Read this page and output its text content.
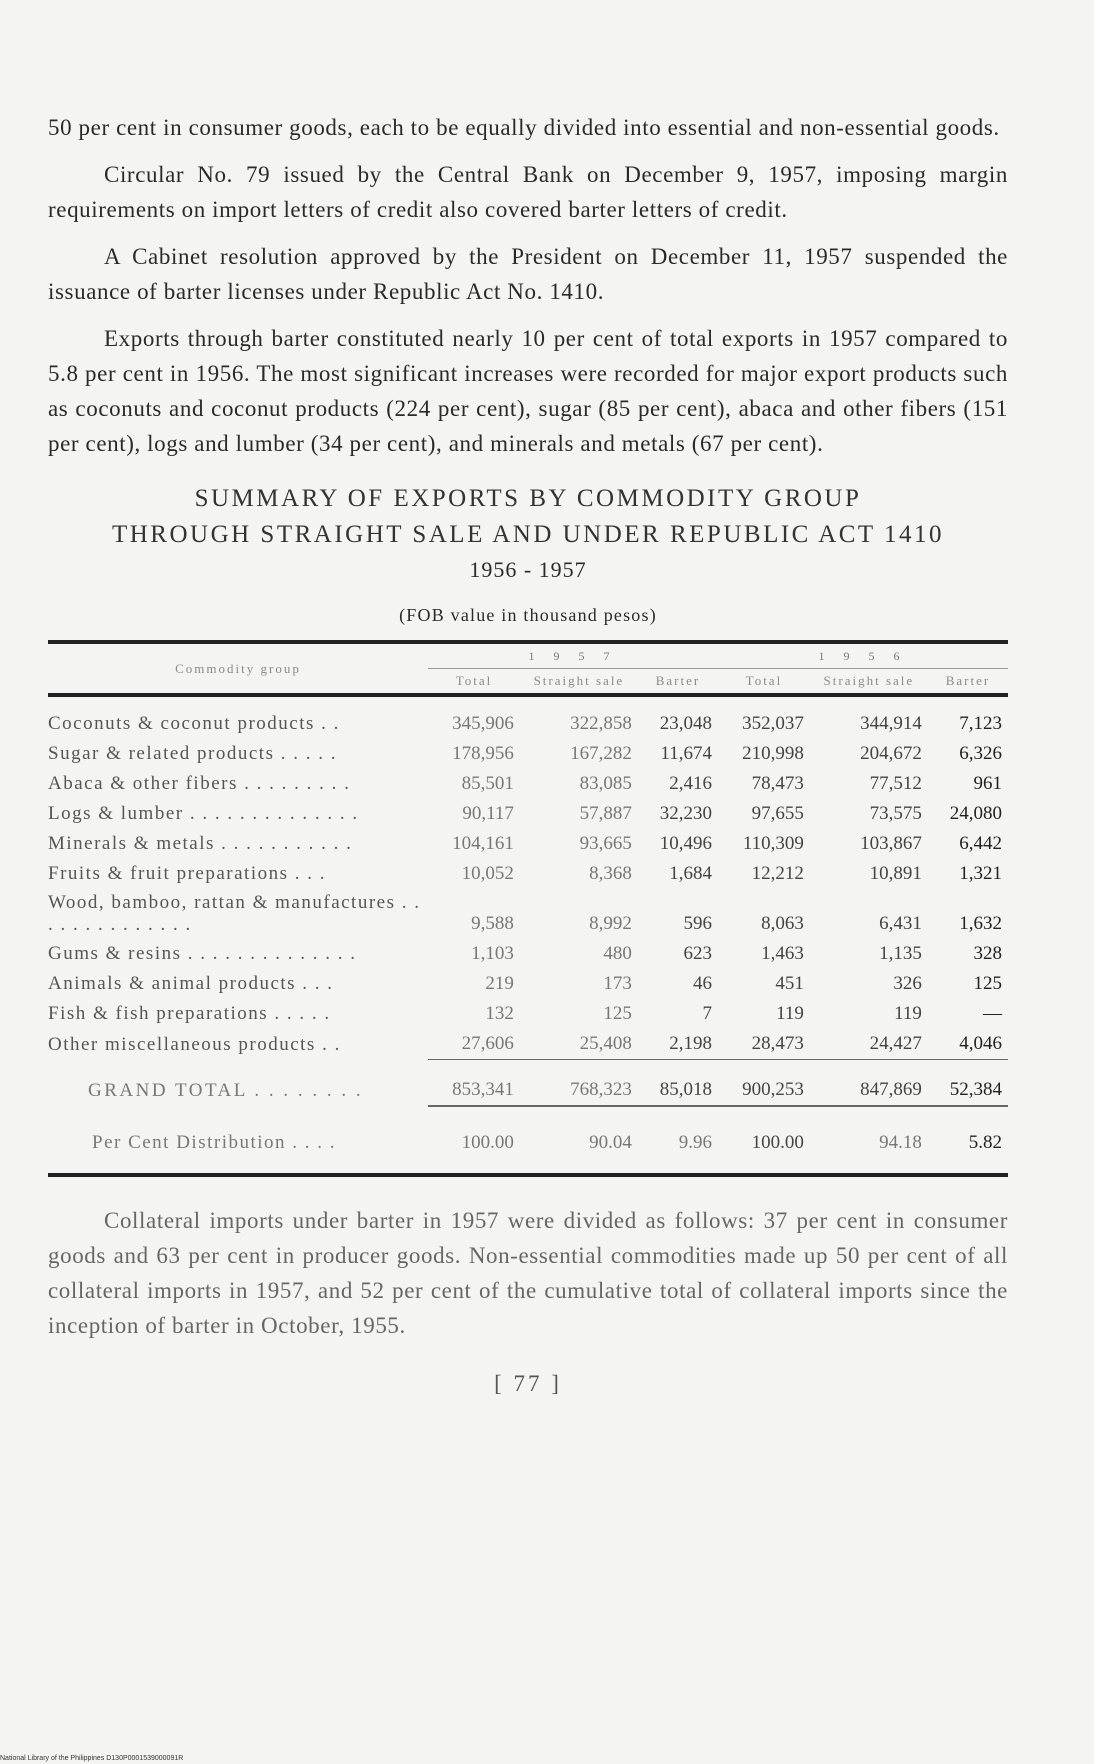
50 per cent in consumer goods, each to be equally divided into essential and non-essential goods.

Circular No. 79 issued by the Central Bank on December 9, 1957, imposing margin requirements on import letters of credit also covered barter letters of credit.

A Cabinet resolution approved by the President on December 11, 1957 suspended the issuance of barter licenses under Republic Act No. 1410.

Exports through barter constituted nearly 10 per cent of total exports in 1957 compared to 5.8 per cent in 1956. The most significant increases were recorded for major export products such as coconuts and coconut products (224 per cent), sugar (85 per cent), abaca and other fibers (151 per cent), logs and lumber (34 per cent), and minerals and metals (67 per cent).

SUMMARY OF EXPORTS BY COMMODITY GROUP
THROUGH STRAIGHT SALE AND UNDER REPUBLIC ACT 1410
1956 - 1957
(FOB value in thousand pesos)
Commodity group	1 9 5 7			1 9 5 6		
	Total	Straight sale	Barter	Total	Straight sale	Barter

Coconuts & coconut products . .	345,906	322,858	23,048	352,037	344,914	7,123
Sugar & related products . . . . .	178,956	167,282	11,674	210,998	204,672	6,326
Abaca & other fibers . . . . . . . . .	85,501	83,085	2,416	78,473	77,512	961
Logs & lumber . . . . . . . . . . . . . .	90,117	57,887	32,230	97,655	73,575	24,080
Minerals & metals . . . . . . . . . . .	104,161	93,665	10,496	110,309	103,867	6,442
Fruits & fruit preparations . . .	10,052	8,368	1,684	12,212	10,891	1,321
Wood, bamboo, rattan & manufactures . . . . . . . . . . . . . .	9,588	8,992	596	8,063	6,431	1,632
Gums & resins . . . . . . . . . . . . . .	1,103	480	623	1,463	1,135	328
Animals & animal products . . .	219	173	46	451	326	125
Fish & fish preparations . . . . .	132	125	7	119	119	—
Other miscellaneous products . .	27,606	25,408	2,198	28,473	24,427	4,046
GRAND TOTAL . . . . . . . .	853,341	768,323	85,018	900,253	847,869	52,384
Per Cent Distribution . . . .	100.00	90.04	9.96	100.00	94.18	5.82

Collateral imports under barter in 1957 were divided as follows: 37 per cent in consumer goods and 63 per cent in producer goods. Non-essential commodities made up 50 per cent of all collateral imports in 1957, and 52 per cent of the cumulative total of collateral imports since the inception of barter in October, 1955.

[ 77 ]
National Library of the Philippines D130P0001539000091R
